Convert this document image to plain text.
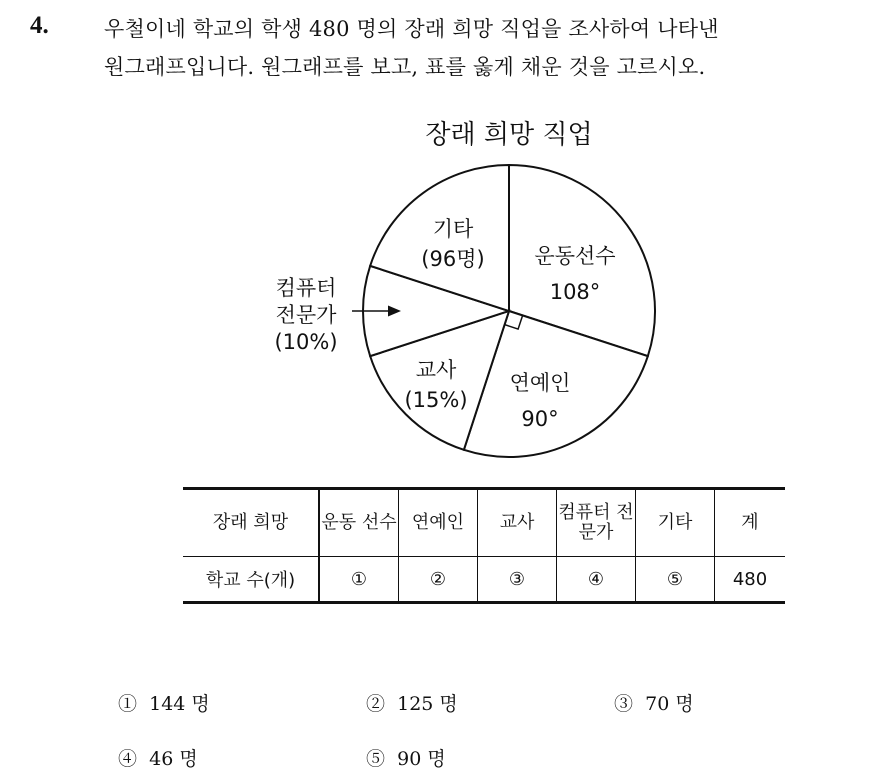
4.	우철이네 학교의 학생 480 명의 장래 희망 직업을 조사하여 나타낸
원그래프입니다. 원그래프를 보고, 표를 옳게 채운 것을 고르시오.
장래 희망 직업
운동선수 108°
연예인 90°
교사 (15%)
컴퓨터 전문가 (10%)
기타 (96명)
장래 희망	운동 선수	연예인	교사	컴퓨터 전문가	기타	계
학교 수(개)	①	②	③	④	⑤	480
① 144 명	② 125 명	③ 70 명
④ 46 명	⑤ 90 명
